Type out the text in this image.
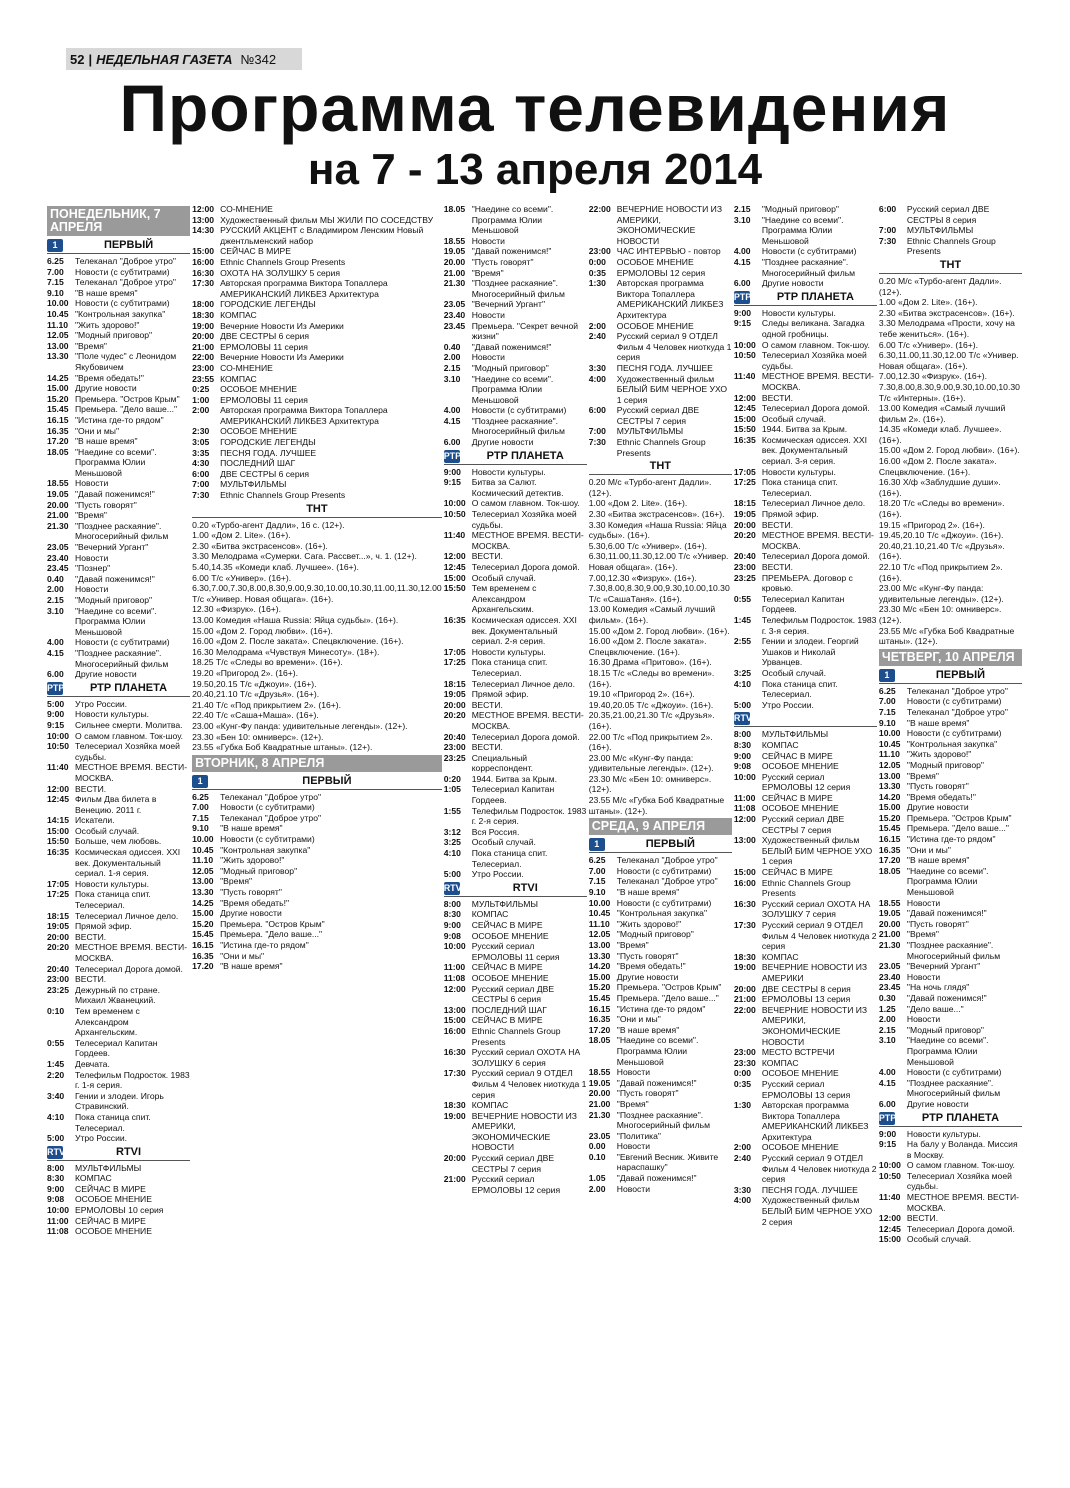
52 | НЕДЕЛЬНАЯ ГАЗЕТА №342
Программа телевидения
на 7 - 13 апреля 2014
ПОНЕДЕЛЬНИК, 7 АПРЕЛЯ
1	ПЕРВЫЙ
6.25	Телеканал "Доброе утро"
7.00	Новости (с субтитрами)
7.15	Телеканал "Доброе утро"
9.10	"В наше время"
10.00 Новости (с субтитрами)
10.45 "Контрольная закупка"
11.10 "Жить здорово!"
12.05 "Модный приговор"
13.00 "Время"
13.30 "Поле чудес" с Леонидом Якубовичем
14.25 "Время обедать!"
15.00 Другие новости
15.20 Премьера. "Остров Крым"
15.45 Премьера. "Дело ваше..."
16.15 "Истина где-то рядом"
16.35 "Они и мы"
17.20 "В наше время"
18.05 "Наедине со всеми". Программа Юлии Меньшовой
18.55 Новости
19.05 "Давай поженимся!"
20.00 "Пусть говорят"
21.00 "Время"
21.30 "Позднее раскаяние". Многосерийный фильм
23.05 "Вечерний Ургант"
23.40 Новости
23.45 "Познер"
0.40	"Давай поженимся!"
2.00	Новости
2.15	"Модный приговор"
3.10	"Наедине со всеми". Программа Юлии Меньшовой
4.00	Новости (с субтитрами)
4.15	"Позднее раскаяние". Многосерийный фильм
6.00	Другие новости
РТР	РТР ПЛАНЕТА
5:00	Утро России.
9:00	Новости культуры.
9:15	Сильнее смерти. Молитва.
10:00 О самом главном. Ток-шоу.
10:50 Телесериал Хозяйка моей судьбы.
11:40 МЕСТНОЕ ВРЕМЯ. ВЕСТИ-МОСКВА.
12:00 ВЕСТИ.
12:45 Фильм Два билета в Венецию. 2011 г.
14:15 Искатели.
15:00 Особый случай.
15:50 Больше, чем любовь.
16:35 Космическая одиссея. XXI век. Документальный сериал. 1-я серия.
17:05 Новости культуры.
17:25 Пока станица спит. Телесериал.
18:15 Телесериал Личное дело.
19:05 Прямой эфир.
20:00 ВЕСТИ.
20:20 МЕСТНОЕ ВРЕМЯ. ВЕСТИ-МОСКВА.
20:40 Телесериал Дорога домой.
23:00 ВЕСТИ.
23:25 Дежурный по стране. Михаил Жванецкий.
0:10	Тем временем с Александром Архангельским.
0:55	Телесериал Капитан Гордеев.
1:45	Девчата.
2:20	Телефильм Подросток. 1983 г. 1-я серия.
3:40	Гении и злодеи. Игорь Стравинский.
4:10	Пока станица спит. Телесериал.
5:00	Утро России.
RTVi	RTVI
8:00	МУЛЬТФИЛЬМЫ
8:30	КОМПАС
9:00	СЕЙЧАС В МИРЕ
9:08	ОСОБОЕ МНЕНИЕ
10:00 ЕРМОЛОВЫ 10 серия
11:00 СЕЙЧАС В МИРЕ
11:08 ОСОБОЕ МНЕНИЕ
12:00 СО-МНЕНИЕ
13:00 Художественный фильм МЫ ЖИЛИ ПО СОСЕДСТВУ
14:30 РУССКИЙ АКЦЕНТ с Владимиром Ленским Новый джентльменский набор
15:00 СЕЙЧАС В МИРЕ
16:00 Ethnic Channels Group Presents
16:30 ОХОТА НА ЗОЛУШКУ 5 серия
17:30 Авторская программа Виктора Топаллера АМЕРИКАНСКИЙ ЛИКБЕЗ Архитектура
18:00 ГОРОДСКИЕ ЛЕГЕНДЫ
18:30 КОМПАС
19:00 Вечерние Новости Из Америки
20:00 ДВЕ СЕСТРЫ 6 серия
21:00 ЕРМОЛОВЫ 11 серия
22:00 Вечерние Новости Из Америки
23:00 СО-МНЕНИЕ
23:55 КОМПАС
0:25	ОСОБОЕ МНЕНИЕ
1:00	ЕРМОЛОВЫ 11 серия
2:00	Авторская программа Виктора Топаллера АМЕРИКАНСКИЙ ЛИКБЕЗ Архитектура
2:30	ОСОБОЕ МНЕНИЕ
3:05	ГОРОДСКИЕ ЛЕГЕНДЫ
3:35	ПЕСНЯ ГОДА. ЛУЧШЕЕ
4:30	ПОСЛЕДНИЙ ШАГ
6:00	ДВЕ СЕСТРЫ 6 серия
7:00	МУЛЬТФИЛЬМЫ
7:30	Ethnic Channels Group Presents
ТНТ
0.20 «Турбо-агент Дадли», 16 с. (12+).
1.00 «Дом 2. Lite». (16+).
2.30 «Битва экстрасенсов». (16+).
3.30 Мелодрама «Сумерки. Сага. Рассвет...», ч. 1. (12+).
5.40,14.35 «Комеди клаб. Лучшее». (16+).
6.00 Т/с «Универ». (16+).
6.30,7.00,7.30,8.00,8.30,9.00,9.30,10.00,10.30,11.00,11.30,12.00 Т/с «Универ. Новая общага». (16+).
12.30 «Физрук». (16+).
13.00 Комедия «Наша Russia: Яйца судьбы». (16+).
15.00 «Дом 2. Город любви». (16+).
16.00 «Дом 2. После заката». Спецвключение. (16+).
16.30 Мелодрама «Чувствуя Минесоту». (18+).
18.25 Т/с «Следы во времени». (16+).
19.20 «Пригород 2». (16+).
19.50,20.15 Т/с «Джоуи». (16+).
20.40,21.10 Т/с «Друзья». (16+).
21.40 Т/с «Под прикрытием 2». (16+).
22.40 Т/с «Саша+Маша». (16+).
23.00 «Кунг-Фу панда: удивительные легенды». (12+).
23.30 «Бен 10: омниверс». (12+).
23.55 «Губка Боб Квадратные штаны». (12+).
ВТОРНИК, 8 АПРЕЛЯ
1	ПЕРВЫЙ
6.25	Телеканал "Доброе утро"
7.00	Новости (с субтитрами)
7.15	Телеканал "Доброе утро"
9.10	"В наше время"
10.00 Новости (с субтитрами)
10.45 "Контрольная закупка"
11.10 "Жить здорово!"
12.05 "Модный приговор"
13.00 "Время"
13.30 "Пусть говорят"
14.25 "Время обедать!"
15.00 Другие новости
15.20 Премьера. "Остров Крым"
15.45 Премьера. "Дело ваше..."
16.15 "Истина где-то рядом"
16.35 "Они и мы"
17.20 "В наше время"
18.05 "Наедине со всеми". Программа Юлии Меньшовой
18.55 Новости
19.05 "Давай поженимся!"
20.00 "Пусть говорят"
21.00 "Время"
21.30 "Позднее раскаяние". Многосерийный фильм
23.05 "Вечерний Ургант"
23.40 Новости
23.45 Премьера. "Секрет вечной жизни"
0.40	"Давай поженимся!"
2.00	Новости
2.15	"Модный приговор"
3.10	"Наедине со всеми". Программа Юлии Меньшовой
4.00	Новости (с субтитрами)
4.15	"Позднее раскаяние". Многосерийный фильм
6.00	Другие новости
РТР	РТР ПЛАНЕТА
9:00	Новости культуры.
9:15	Битва за Салют. Космический детектив.
10:00 О самом главном. Ток-шоу.
10:50 Телесериал Хозяйка моей судьбы.
11:40 МЕСТНОЕ ВРЕМЯ. ВЕСТИ-МОСКВА.
12:00 ВЕСТИ.
12:45 Телесериал Дорога домой.
15:00 Особый случай.
15:50 Тем временем с Александром Архангельским.
16:35 Космическая одиссея. XXI век. Документальный сериал. 2-я серия.
17:05 Новости культуры.
17:25 Пока станица спит. Телесериал.
18:15 Телесериал Личное дело.
19:05 Прямой эфир.
20:00 ВЕСТИ.
20:20 МЕСТНОЕ ВРЕМЯ. ВЕСТИ-МОСКВА.
20:40 Телесериал Дорога домой.
23:00 ВЕСТИ.
23:25 Специальный корреспондент.
0:20	1944. Битва за Крым.
1:05	Телесериал Капитан Гордеев.
1:55	Телефильм Подросток. 1983 г. 2-я серия.
3:12	Вся Россия.
3:25	Особый случай.
4:10	Пока станица спит. Телесериал.
5:00	Утро России.
RTVi	RTVI
8:00	МУЛЬТФИЛЬМЫ
8:30	КОМПАС
9:00	СЕЙЧАС В МИРЕ
9:08	ОСОБОЕ МНЕНИЕ
10:00 Русский сериал ЕРМОЛОВЫ 11 серия
11:00 СЕЙЧАС В МИРЕ
11:08 ОСОБОЕ МНЕНИЕ
12:00 Русский сериал ДВЕ СЕСТРЫ 6 серия
13:00 ПОСЛЕДНИЙ ШАГ
15:00 СЕЙЧАС В МИРЕ
16:00 Ethnic Channels Group Presents
16:30 Русский сериал ОХОТА НА ЗОЛУШКУ 6 серия
17:30 Русский сериал 9 ОТДЕЛ Фильм 4 Человек ниоткуда 1 серия
18:30 КОМПАС
19:00 ВЕЧЕРНИЕ НОВОСТИ ИЗ АМЕРИКИ, ЭКОНОМИЧЕСКИЕ НОВОСТИ
20:00 Русский сериал ДВЕ СЕСТРЫ 7 серия
21:00 Русский сериал ЕРМОЛОВЫ 12 серия
22:00 ВЕЧЕРНИЕ НОВОСТИ ИЗ АМЕРИКИ, ЭКОНОМИЧЕСКИЕ НОВОСТИ
23:00 ЧАС ИНТЕРВЬЮ - повтор
0:00	ОСОБОЕ МНЕНИЕ
0:35	ЕРМОЛОВЫ 12 серия
1:30	Авторская программа Виктора Топаллера АМЕРИКАНСКИЙ ЛИКБЕЗ Архитектура
2:00	ОСОБОЕ МНЕНИЕ
2:40	Русский сериал 9 ОТДЕЛ Фильм 4 Человек ниоткуда 1 серия
3:30	ПЕСНЯ ГОДА. ЛУЧШЕЕ
4:00	Художественный фильм БЕЛЫЙ БИМ ЧЕРНОЕ УХО 1 серия
6:00	Русский сериал ДВЕ СЕСТРЫ 7 серия
7:00	МУЛЬТФИЛЬМЫ
7:30	Ethnic Channels Group Presents
ТНТ
0.20 М/с «Турбо-агент Дадли». (12+).
1.00 «Дом 2. Lite». (16+).
2.30 «Битва экстрасенсов». (16+).
3.30 Комедия «Наша Russia: Яйца судьбы». (16+).
5.30,6.00 Т/с «Универ». (16+).
6.30,11.00,11.30,12.00 Т/с «Универ. Новая общага». (16+).
7.00,12.30 «Физрук». (16+).
7.30,8.00,8.30,9.00,9.30,10.00,10.30 Т/с «СашаТаня». (16+).
13.00 Комедия «Самый лучший фильм». (16+).
15.00 «Дом 2. Город любви». (16+).
16.00 «Дом 2. После заката». Спецвключение. (16+).
16.30 Драма «Притово». (16+).
18.15 Т/с «Следы во времени». (16+).
19.10 «Пригород 2». (16+).
19.40,20.05 Т/с «Джоуи». (16+).
20.35,21.00,21.30 Т/с «Друзья». (16+).
22.00 Т/с «Под прикрытием 2». (16+).
23.00 М/с «Кунг-Фу панда: удивительные легенды». (12+).
23.30 М/с «Бен 10: омниверс». (12+).
23.55 М/с «Губка Боб Квадратные штаны». (12+).
СРЕДА, 9 АПРЕЛЯ
1	ПЕРВЫЙ
6.25	Телеканал "Доброе утро"
7.00	Новости (с субтитрами)
7.15	Телеканал "Доброе утро"
9.10	"В наше время"
10.00 Новости (с субтитрами)
10.45 "Контрольная закупка"
11.10 "Жить здорово!"
12.05 "Модный приговор"
13.00 "Время"
13.30 "Пусть говорят"
14.20 "Время обедать!"
15.00 Другие новости
15.20 Премьера. "Остров Крым"
15.45 Премьера. "Дело ваше..."
16.15 "Истина где-то рядом"
16.35 "Они и мы"
17.20 "В наше время"
18.05 "Наедине со всеми". Программа Юлии Меньшовой
18.55 Новости
19.05 "Давай поженимся!"
20.00 "Пусть говорят"
21.00 "Время"
21.30 "Позднее раскаяние". Многосерийный фильм
23.05 "Политика"
0.00	Новости
0.10	"Евгений Весник. Живите нараспашку"
1.05	"Давай поженимся!"
2.00	Новости
2.15	"Модный приговор"
3.10	"Наедине со всеми". Программа Юлии Меньшовой
4.00	Новости (с субтитрами)
4.15	"Позднее раскаяние". Многосерийный фильм
6.00	Другие новости
РТР	РТР ПЛАНЕТА
9:00	Новости культуры.
9:15	Следы великана. Загадка одной гробницы.
10:00 О самом главном. Ток-шоу.
10:50 Телесериал Хозяйка моей судьбы.
11:40 МЕСТНОЕ ВРЕМЯ. ВЕСТИ-МОСКВА.
12:00 ВЕСТИ.
12:45 Телесериал Дорога домой.
15:00 Особый случай.
15:50 1944. Битва за Крым.
16:35 Космическая одиссея. XXI век. Документальный сериал. 3-я серия.
17:05 Новости культуры.
17:25 Пока станица спит. Телесериал.
18:15 Телесериал Личное дело.
19:05 Прямой эфир.
20:00 ВЕСТИ.
20:20 МЕСТНОЕ ВРЕМЯ. ВЕСТИ-МОСКВА.
20:40 Телесериал Дорога домой.
23:00 ВЕСТИ.
23:25 ПРЕМЬЕРА. Договор с кровью.
0:55	Телесериал Капитан Гордеев.
1:45	Телефильм Подросток. 1983 г. 3-я серия.
2:55	Гении и злодеи. Георгий Ушаков и Николай Урванцев.
3:25	Особый случай.
4:10	Пока станица спит. Телесериал.
5:00	Утро России.
RTVi
8:00	МУЛЬТФИЛЬМЫ
8:30	КОМПАС
9:00	СЕЙЧАС В МИРЕ
9:08	ОСОБОЕ МНЕНИЕ
10:00 Русский сериал ЕРМОЛОВЫ 12 серия
11:00 СЕЙЧАС В МИРЕ
11:08 ОСОБОЕ МНЕНИЕ
12:00 Русский сериал ДВЕ СЕСТРЫ 7 серия
13:00 Художественный фильм БЕЛЫЙ БИМ ЧЕРНОЕ УХО 1 серия
15:00 СЕЙЧАС В МИРЕ
16:00 Ethnic Channels Group Presents
16:30 Русский сериал ОХОТА НА ЗОЛУШКУ 7 серия
17:30 Русский сериал 9 ОТДЕЛ Фильм 4 Человек ниоткуда 2 серия
18:30 КОМПАС
19:00 ВЕЧЕРНИЕ НОВОСТИ ИЗ АМЕРИКИ
20:00 ДВЕ СЕСТРЫ 8 серия
21:00 ЕРМОЛОВЫ 13 серия
22:00 ВЕЧЕРНИЕ НОВОСТИ ИЗ АМЕРИКИ, ЭКОНОМИЧЕСКИЕ НОВОСТИ
23:00 МЕСТО ВСТРЕЧИ
23:30 КОМПАС
0:00	ОСОБОЕ МНЕНИЕ
0:35	Русский сериал ЕРМОЛОВЫ 13 серия
1:30	Авторская программа Виктора Топаллера АМЕРИКАНСКИЙ ЛИКБЕЗ Архитектура
2:00	ОСОБОЕ МНЕНИЕ
2:40	Русский сериал 9 ОТДЕЛ Фильм 4 Человек ниоткуда 2 серия
3:30	ПЕСНЯ ГОДА. ЛУЧШЕЕ
4:00	Художественный фильм БЕЛЫЙ БИМ ЧЕРНОЕ УХО 2 серия
6:00	Русский сериал ДВЕ СЕСТРЫ 8 серия
7:00	МУЛЬТФИЛЬМЫ
7:30	Ethnic Channels Group Presents
ТНТ
0.20 М/с «Турбо-агент Дадли». (12+).
1.00 «Дом 2. Lite». (16+).
2.30 «Битва экстрасенсов». (16+).
3.30 Мелодрама «Прости, хочу на тебе жениться». (16+).
6.00 Т/с «Универ». (16+).
6.30,11.00,11.30,12.00 Т/с «Универ. Новая общага». (16+).
7.00,12.30 «Физрук». (16+).
7.30,8.00,8.30,9.00,9.30,10.00,10.30 Т/с «Интерны». (16+).
13.00 Комедия «Самый лучший фильм 2». (16+).
14.35 «Комеди клаб. Лучшее». (16+).
15.00 «Дом 2. Город любви». (16+).
16.00 «Дом 2. После заката». Спецвключение. (16+).
16.30 Х/ф «Заблудшие души». (16+).
18.20 Т/с «Следы во времени». (16+).
19.15 «Пригород 2». (16+).
19.45,20.10 Т/с «Джоуи». (16+).
20.40,21.10,21.40 Т/с «Друзья». (16+).
22.10 Т/с «Под прикрытием 2». (16+).
23.00 М/с «Кунг-Фу панда: удивительные легенды». (12+).
23.30 М/с «Бен 10: омниверс». (12+).
23.55 М/с «Губка Боб Квадратные штаны». (12+).
ЧЕТВЕРГ, 10 АПРЕЛЯ
1	ПЕРВЫЙ
6.25	Телеканал "Доброе утро"
7.00	Новости (с субтитрами)
7.15	Телеканал "Доброе утро"
9.10	"В наше время"
10.00 Новости (с субтитрами)
10.45 "Контрольная закупка"
11.10 "Жить здорово!"
12.05 "Модный приговор"
13.00 "Время"
13.30 "Пусть говорят"
14.20 "Время обедать!"
15.00 Другие новости
15.20 Премьера. "Остров Крым"
15.45 Премьера. "Дело ваше..."
16.15 "Истина где-то рядом"
16.35 "Они и мы"
17.20 "В наше время"
18.05 "Наедине со всеми". Программа Юлии Меньшовой
18.55 Новости
19.05 "Давай поженимся!"
20.00 "Пусть говорят"
21.00 "Время"
21.30 "Позднее раскаяние". Многосерийный фильм
23.05 "Вечерний Ургант"
23.40 Новости
23.45 "На ночь глядя"
0.30	"Давай поженимся!"
1.25	"Дело ваше..."
2.00	Новости
2.15	"Модный приговор"
3.10	"Наедине со всеми". Программа Юлии Меньшовой
4.00	Новости (с субтитрами)
4.15	"Позднее раскаяние". Многосерийный фильм
6.00	Другие новости
РТР	РТР ПЛАНЕТА
9:00	Новости культуры.
9:15	На балу у Воланда. Миссия в Москву.
10:00 О самом главном. Ток-шоу.
10:50 Телесериал Хозяйка моей судьбы.
11:40 МЕСТНОЕ ВРЕМЯ. ВЕСТИ-МОСКВА.
12:00 ВЕСТИ.
12:45 Телесериал Дорога домой.
15:00 Особый случай.
